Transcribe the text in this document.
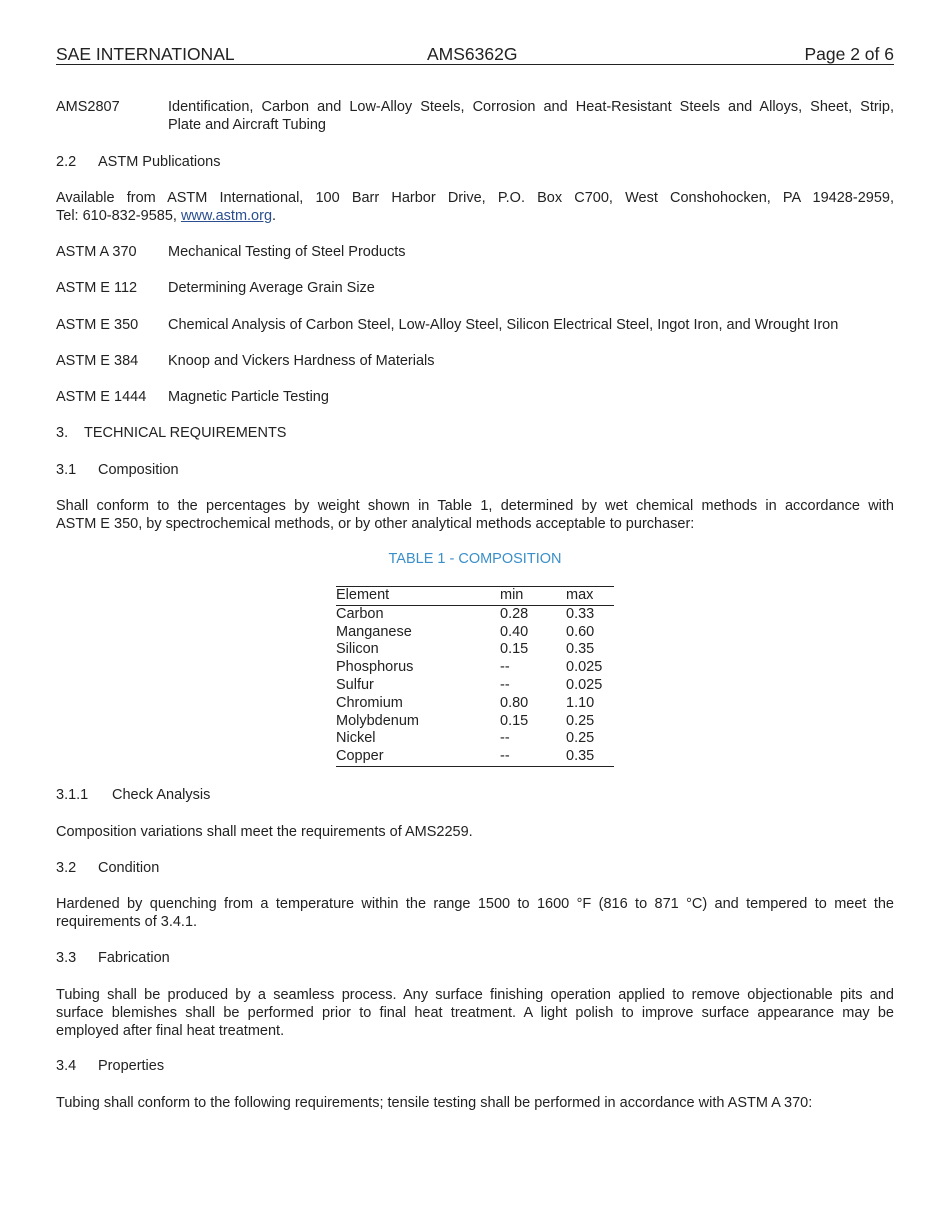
SAE INTERNATIONAL	AMS6362G	Page 2 of 6
AMS2807	Identification, Carbon and Low-Alloy Steels, Corrosion and Heat-Resistant Steels and Alloys, Sheet, Strip,
Plate and Aircraft Tubing
2.2 ASTM Publications
Available from ASTM International, 100 Barr Harbor Drive, P.O. Box C700, West Conshohocken, PA 19428-2959,
Tel: 610-832-9585, www.astm.org.
ASTM A 370 Mechanical Testing of Steel Products
ASTM E 112 Determining Average Grain Size
ASTM E 350 Chemical Analysis of Carbon Steel, Low-Alloy Steel, Silicon Electrical Steel, Ingot Iron, and Wrought Iron
ASTM E 384 Knoop and Vickers Hardness of Materials
ASTM E 1444 Magnetic Particle Testing
3. TECHNICAL REQUIREMENTS
3.1 Composition
Shall conform to the percentages by weight shown in Table 1, determined by wet chemical methods in accordance with
ASTM E 350, by spectrochemical methods, or by other analytical methods acceptable to purchaser:
TABLE 1 - COMPOSITION
Element	min	max
Carbon	0.28	0.33
Manganese	0.40	0.60
Silicon	0.15	0.35
Phosphorus	--	0.025
Sulfur	--	0.025
Chromium	0.80	1.10
Molybdenum	0.15	0.25
Nickel	--	0.25
Copper	--	0.35
3.1.1 Check Analysis
Composition variations shall meet the requirements of AMS2259.
3.2 Condition
Hardened by quenching from a temperature within the range 1500 to 1600 °F (816 to 871 °C) and tempered to meet the
requirements of 3.4.1.
3.3 Fabrication
Tubing shall be produced by a seamless process. Any surface finishing operation applied to remove objectionable pits and
surface blemishes shall be performed prior to final heat treatment. A light polish to improve surface appearance may be
employed after final heat treatment.
3.4 Properties
Tubing shall conform to the following requirements; tensile testing shall be performed in accordance with ASTM A 370:
